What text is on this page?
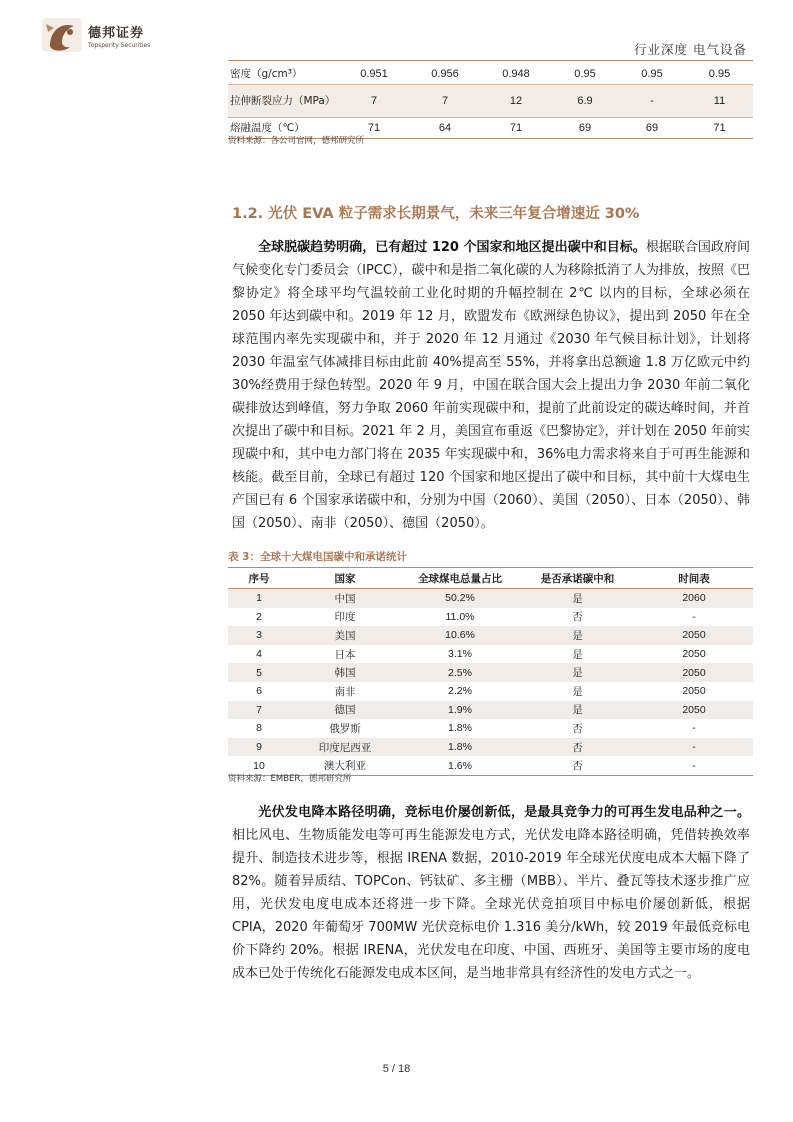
德邦证券
Topsperity Securities	行业深度 电气设备
密度（g/cm³）	0.951	0.956	0.948	0.95	0.95	0.95
拉伸断裂应力（MPa）	7	7	12	6.9	-	11
熔融温度（℃）	71	64	71	69	69	71
资料来源：各公司官网，德邦研究所
1.2. 光伏 EVA 粒子需求长期景气，未来三年复合增速近 30%

全球脱碳趋势明确，已有超过 120 个国家和地区提出碳中和目标。根据联合国政府间气候变化专门委员会（IPCC），碳中和是指二氧化碳的人为移除抵消了人为排放，按照《巴黎协定》将全球平均气温较前工业化时期的升幅控制在 2℃ 以内的目标，全球必须在 2050 年达到碳中和。2019 年 12 月，欧盟发布《欧洲绿色协议》，提出到 2050 年在全球范围内率先实现碳中和，并于 2020 年 12 月通过《2030 年气候目标计划》，计划将 2030 年温室气体减排目标由此前 40%提高至 55%，并将拿出总额逾 1.8 万亿欧元中约 30%经费用于绿色转型。2020 年 9 月，中国在联合国大会上提出力争 2030 年前二氧化碳排放达到峰值，努力争取 2060 年前实现碳中和，提前了此前设定的碳达峰时间，并首次提出了碳中和目标。2021 年 2 月，美国宣布重返《巴黎协定》，并计划在 2050 年前实现碳中和，其中电力部门将在 2035 年实现碳中和，36%电力需求将来自于可再生能源和核能。截至目前，全球已有超过 120 个国家和地区提出了碳中和目标，其中前十大煤电生产国已有 6 个国家承诺碳中和，分别为中国（2060）、美国（2050）、日本（2050）、韩国（2050）、南非（2050）、德国（2050）。

表 3：全球十大煤电国碳中和承诺统计
序号	国家	全球煤电总量占比	是否承诺碳中和	时间表
1	中国	50.2%	是	2060
2	印度	11.0%	否	-
3	美国	10.6%	是	2050
4	日本	3.1%	是	2050
5	韩国	2.5%	是	2050
6	南非	2.2%	是	2050
7	德国	1.9%	是	2050
8	俄罗斯	1.8%	否	-
9	印度尼西亚	1.8%	否	-
10	澳大利亚	1.6%	否	-
资料来源：EMBER，德邦研究所

光伏发电降本路径明确，竞标电价屡创新低，是最具竞争力的可再生发电品种之一。相比风电、生物质能发电等可再生能源发电方式，光伏发电降本路径明确，凭借转换效率提升、制造技术进步等，根据 IRENA 数据，2010-2019 年全球光伏度电成本大幅下降了 82%。随着异质结、TOPCon、钙钛矿、多主栅（MBB）、半片、叠瓦等技术逐步推广应用，光伏发电度电成本还将进一步下降。全球光伏竞拍项目中标电价屡创新低，根据 CPIA，2020 年葡萄牙 700MW 光伏竞标电价 1.316 美分/kWh，较 2019 年最低竞标电价下降约 20%。根据 IRENA，光伏发电在印度、中国、西班牙、美国等主要市场的度电成本已处于传统化石能源发电成本区间，是当地非常具有经济性的发电方式之一。

5 / 18
